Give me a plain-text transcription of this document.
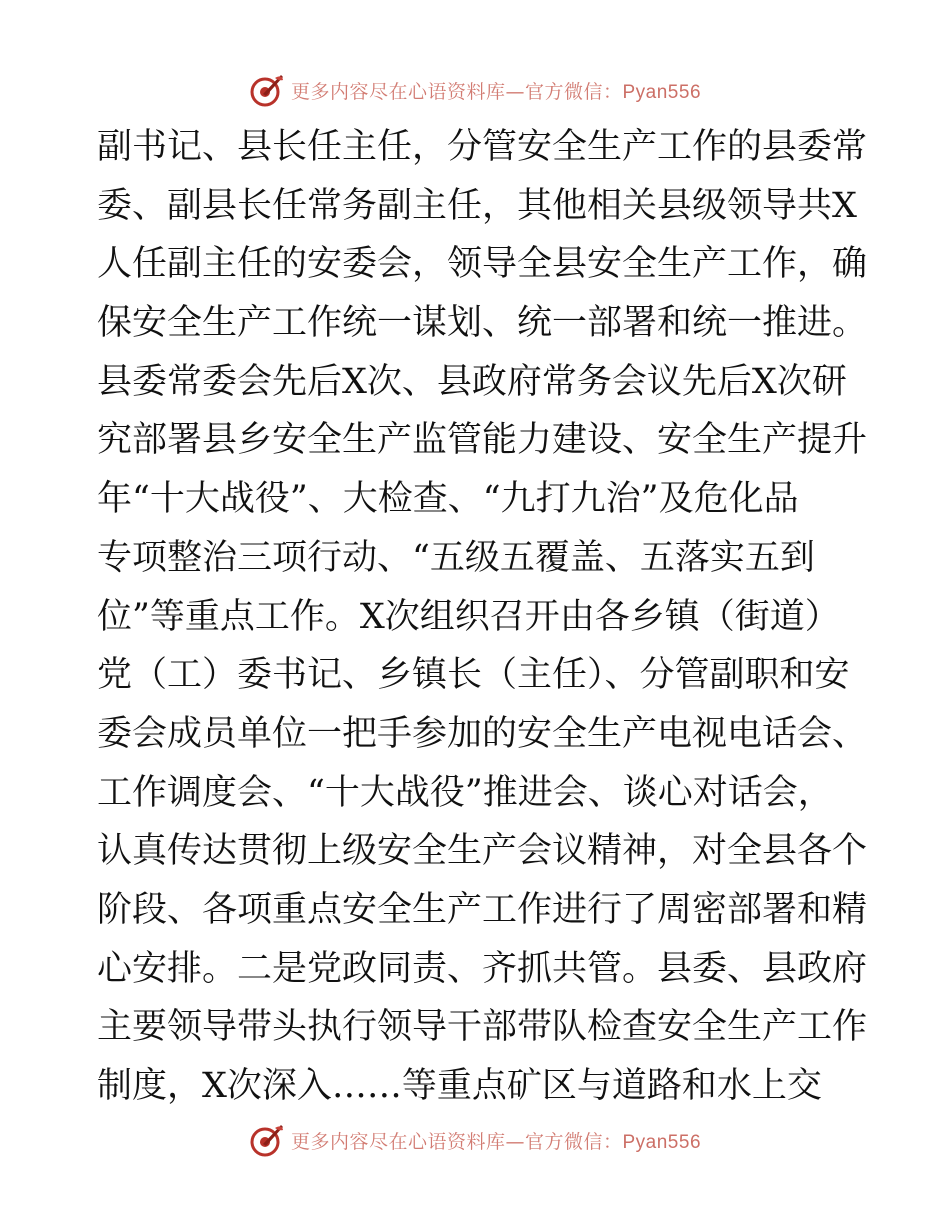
更多内容尽在心语资料库—官方微信：Pyan556
副书记、县长任主任，分管安全生产工作的县委常
委、副县长任常务副主任，其他相关县级领导共X
人任副主任的安委会，领导全县安全生产工作，确
保安全生产工作统一谋划、统一部署和统一推进。
县委常委会先后X次、县政府常务会议先后X次研
究部署县乡安全生产监管能力建设、安全生产提升
年“十大战役”、大检查、“九打九治”及危化品
专项整治三项行动、“五级五覆盖、五落实五到
位”等重点工作。X次组织召开由各乡镇（街道）
党（工）委书记、乡镇长（主任）、分管副职和安
委会成员单位一把手参加的安全生产电视电话会、
工作调度会、“十大战役”推进会、谈心对话会，
认真传达贯彻上级安全生产会议精神，对全县各个
阶段、各项重点安全生产工作进行了周密部署和精
心安排。二是党政同责、齐抓共管。县委、县政府
主要领导带头执行领导干部带队检查安全生产工作
制度，X次深入……等重点矿区与道路和水上交
更多内容尽在心语资料库—官方微信：Pyan556
